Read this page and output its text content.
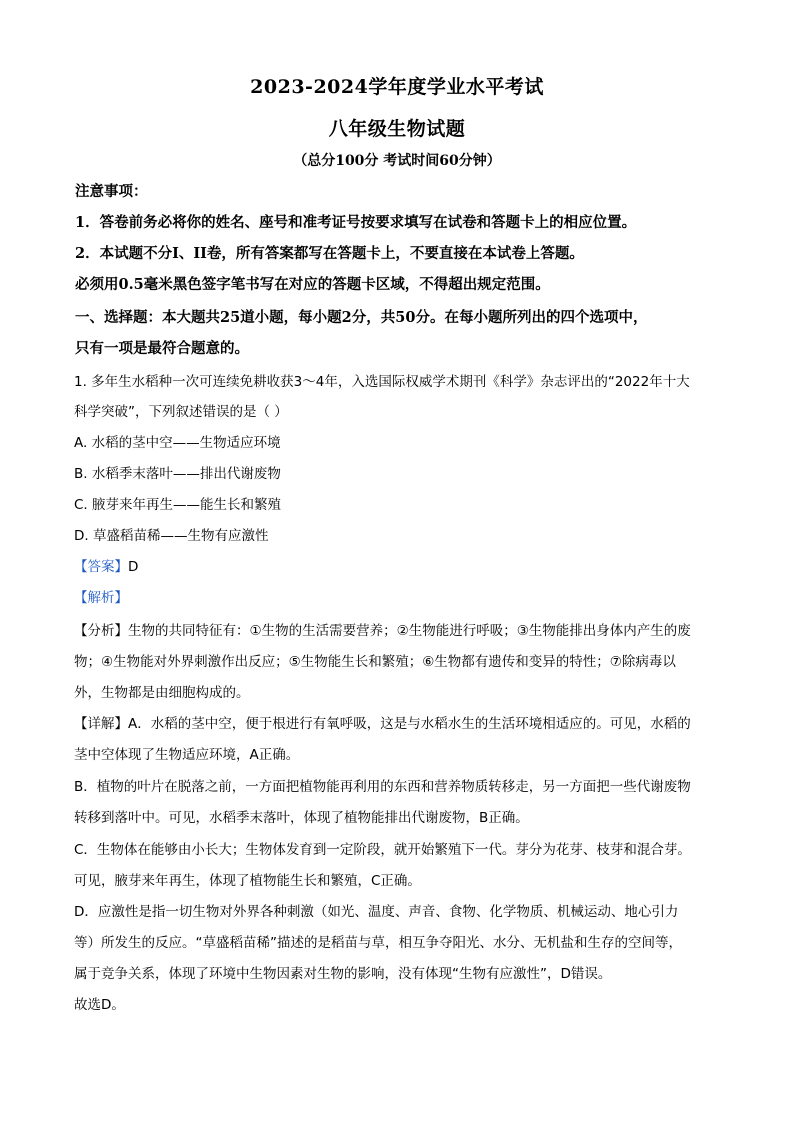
2023-2024学年度学业水平考试
八年级生物试题
（总分100分 考试时间60分钟）
注意事项：
1．答卷前务必将你的姓名、座号和准考证号按要求填写在试卷和答题卡上的相应位置。
2．本试题不分I、II卷，所有答案都写在答题卡上，不要直接在本试卷上答题。
必须用0.5毫米黑色签字笔书写在对应的答题卡区域，不得超出规定范围。
一、选择题：本大题共25道小题，每小题2分，共50分。在每小题所列出的四个选项中，
只有一项是最符合题意的。
1. 多年生水稻种一次可连续免耕收获3～4年，入选国际权威学术期刊《科学》杂志评出的“2022年十大
科学突破”，下列叙述错误的是（ ）
A. 水稻的茎中空——生物适应环境
B. 水稻季末落叶——排出代谢废物
C. 腋芽来年再生——能生长和繁殖
D. 草盛稻苗稀——生物有应激性
【答案】D
【解析】
【分析】生物的共同特征有：①生物的生活需要营养；②生物能进行呼吸；③生物能排出身体内产生的废
物；④生物能对外界刺激作出反应；⑤生物能生长和繁殖；⑥生物都有遗传和变异的特性；⑦除病毒以
外，生物都是由细胞构成的。
【详解】A．水稻的茎中空，便于根进行有氧呼吸，这是与水稻水生的生活环境相适应的。可见，水稻的
茎中空体现了生物适应环境，A正确。
B．植物的叶片在脱落之前，一方面把植物能再利用的东西和营养物质转移走，另一方面把一些代谢废物
转移到落叶中。可见，水稻季末落叶，体现了植物能排出代谢废物，B正确。
C．生物体在能够由小长大；生物体发育到一定阶段，就开始繁殖下一代。芽分为花芽、枝芽和混合芽。
可见，腋芽来年再生，体现了植物能生长和繁殖，C正确。
D．应激性是指一切生物对外界各种刺激（如光、温度、声音、食物、化学物质、机械运动、地心引力
等）所发生的反应。“草盛稻苗稀”描述的是稻苗与草，相互争夺阳光、水分、无机盐和生存的空间等，
属于竞争关系，体现了环境中生物因素对生物的影响，没有体现“生物有应激性”，D错误。
故选D。
